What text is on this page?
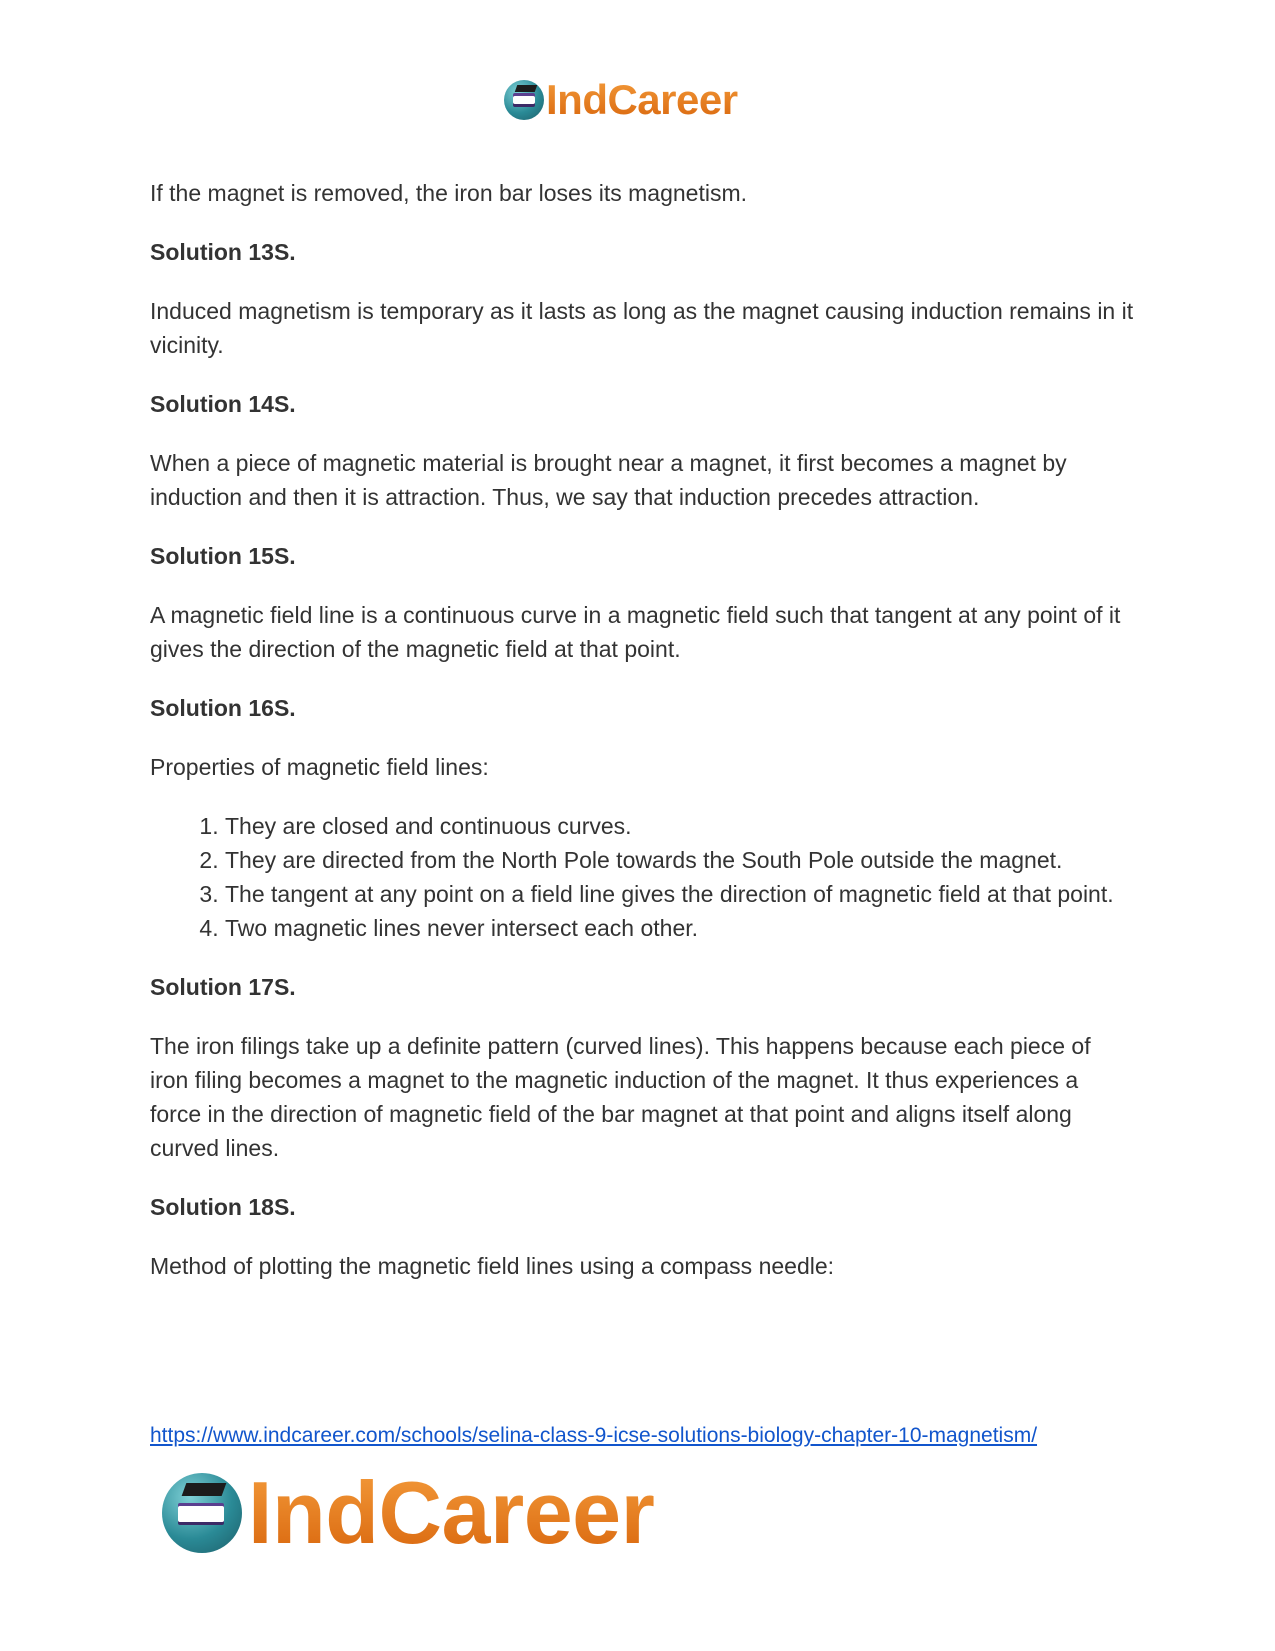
IndCareer

If the magnet is removed, the iron bar loses its magnetism.

Solution 13S.

Induced magnetism is temporary as it lasts as long as the magnet causing induction remains in it vicinity.

Solution 14S.

When a piece of magnetic material is brought near a magnet, it first becomes a magnet by induction and then it is attraction. Thus, we say that induction precedes attraction.

Solution 15S.

A magnetic field line is a continuous curve in a magnetic field such that tangent at any point of it gives the direction of the magnetic field at that point.

Solution 16S.

Properties of magnetic field lines:

1. They are closed and continuous curves.
2. They are directed from the North Pole towards the South Pole outside the magnet.
3. The tangent at any point on a field line gives the direction of magnetic field at that point.
4. Two magnetic lines never intersect each other.

Solution 17S.

The iron filings take up a definite pattern (curved lines). This happens because each piece of iron filing becomes a magnet to the magnetic induction of the magnet. It thus experiences a force in the direction of magnetic field of the bar magnet at that point and aligns itself along curved lines.

Solution 18S.

Method of plotting the magnetic field lines using a compass needle:

https://www.indcareer.com/schools/selina-class-9-icse-solutions-biology-chapter-10-magnetism/
IndCareer
